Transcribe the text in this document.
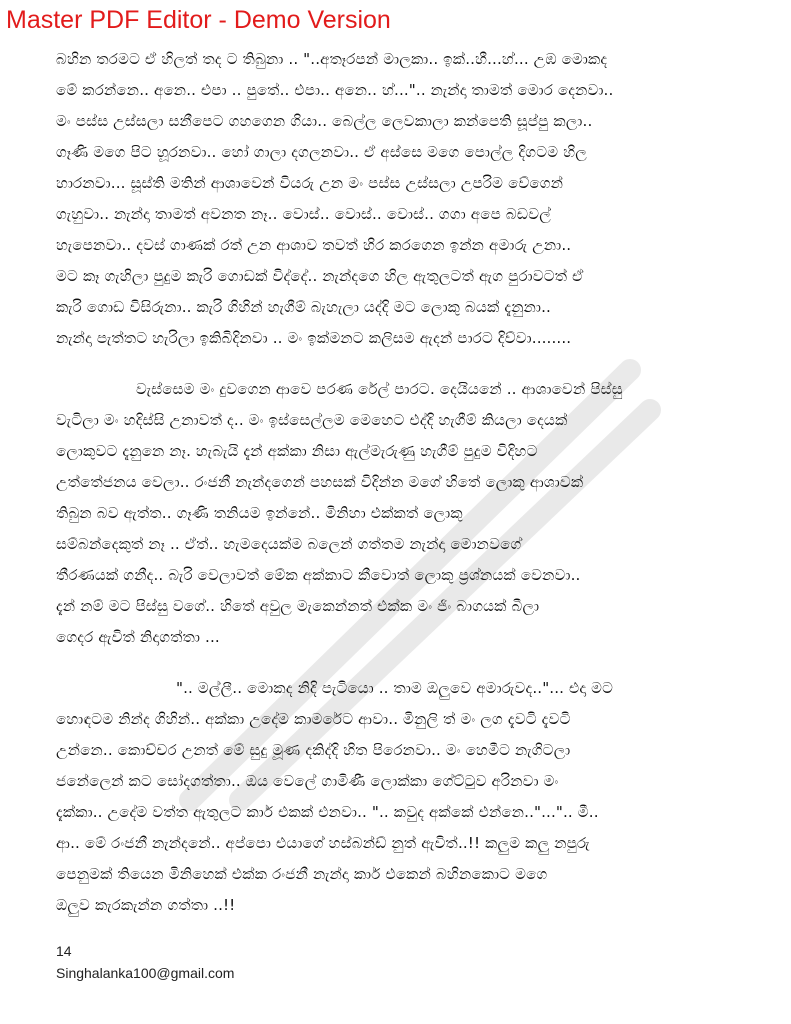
Master PDF Editor - Demo Version
බහින තරමට ඒ හිලත් තද ට තිබුනා .. "..අතෑරපන් මාලකා.. ඉක්..හී...හ්... උඹ මොකද
මේ කරන්නෙ.. අනෙ.. එපා .. පුතේ.. එපා.. අනෙ.. හ්...".. නැන්දා තාමත් මොර දෙනවා..
මං පස්ස උස්සලා සනීපෙට ගහගෙන ගියා.. බෙල්ල ලෙවකාලා කන්පෙති සූප්පු කලා..
ගෑණි මගෙ පිට හූරනවා.. හෝ ගාලා දගලනවා.. ඒ අස්සෙ මගෙ පොල්ල දිගටම හිල
හාරනවා... සූස්ති මතින් ආශාවෙන් වියරු උන මං පස්ස උස්සලා උපරිම වේගෙන්
ගැහුවා.. නැන්දා තාමත් අවනත නෑ.. වොස්.. වොස්.. වොස්.. ගගා අපෙ බඩවල්
හැපෙනවා.. දවස් ගාණක් රත් උන ආශාව තවත් හිර කරගෙන ඉන්න අමාරු උනා..
මට කෑ ගැහිලා පුදුම කැරි ගොඩක් විද්දේ.. නැන්දගෙ හිල ඇතුලටත් ඇග පුරාවටත් ඒ
කැරි ගොඩ විසිරුනා.. කැරි ගිහින් හැගීම් බැහැලා යද්දි මට ලොකු බයක් දැනුනා..
නැන්දා පැත්තට හැරිලා ඉකිබිදිනවා .. මං ඉක්මනට කලිසම ඇදන් පාරට දිව්වා........
වැස්සෙම මං දුවගෙන ආවෙ පරණ රේල් පාරට. දෙයියනේ .. ආශාවෙන් පිස්සු
වැටිලා මං හදිස්සි උනාවත් ද.. මං ඉස්සෙල්ලම මෙහෙට එද්දි හැගීම් කියලා දෙයක්
ලොකුවට දැනුනෙ නෑ. හැබැයි දැන් අක්කා නිසා ඇල්මැරුණු හැගීම් පුදුම විදිහට
උත්තේජනය වෙලා.. රංජනී නැන්දගෙන් පහසක් විදින්න මගේ හිතේ ලොකු ආශාවක්
තිබුන බව ඇත්ත.. ගෑණි තනියම ඉන්නේ.. මිනිහා එක්කත් ලොකු
සම්බන්දෙකුත් නෑ .. ඒත්.. හැමදෙයක්ම බලෙන් ගත්තම නැන්දා මොනවගේ
තීරණයක් ගනීද.. බැරි වෙලාවත් මේක අක්කාට කීවොත් ලොකු ප්‍රශ්නයක් වෙනවා..
දැන් නම් මට පිස්සු වගේ.. හිතේ අවුල මැකෙන්නත් එක්ක මං ජිං බාගයක් බීලා
ගෙදර ඇවිත් නිදාගත්තා ...
".. මල්ලී.. මොකද නිදි පැටියො .. තාම ඔලුවෙ අමාරුවද.."... එදා මට
හොඳටම නින්ද ගිහින්.. අක්කා උදේම කාමරේට ආවා.. මිනුලි ත් මං ලග දැවටි දැවටි
උන්නෙ.. කොච්චර උනත් මේ සුදු මූණ දකිද්දි හිත පිරෙනවා.. මං හෙමීට නැගිටලා
ජනේලෙන් කට සෝදගත්තා.. ඔය වෙලේ ගාමිණී ලොක්කා ගේට්ටුව අරිනවා මං
දැක්කා.. උදේම වත්ත ඇතුලට කාර් එකක් එනවා.. ".. කවුද අක්කේ එන්නෙ.."...".. මී..
ආ.. මේ රංජනී නැන්දනේ.. අප්පො එයාගේ හස්බන්ඩ් නුත් ඇවිත්..!! කලුම කලු නපුරු
පෙනුමක් තියෙන මිනිහෙක් එක්ක රංජනී නැන්දා කාර් එකෙන් බහිනකොට මගෙ
ඔලුව කැරකැන්න ගත්තා ..!!
14
Singhalanka100@gmail.com
